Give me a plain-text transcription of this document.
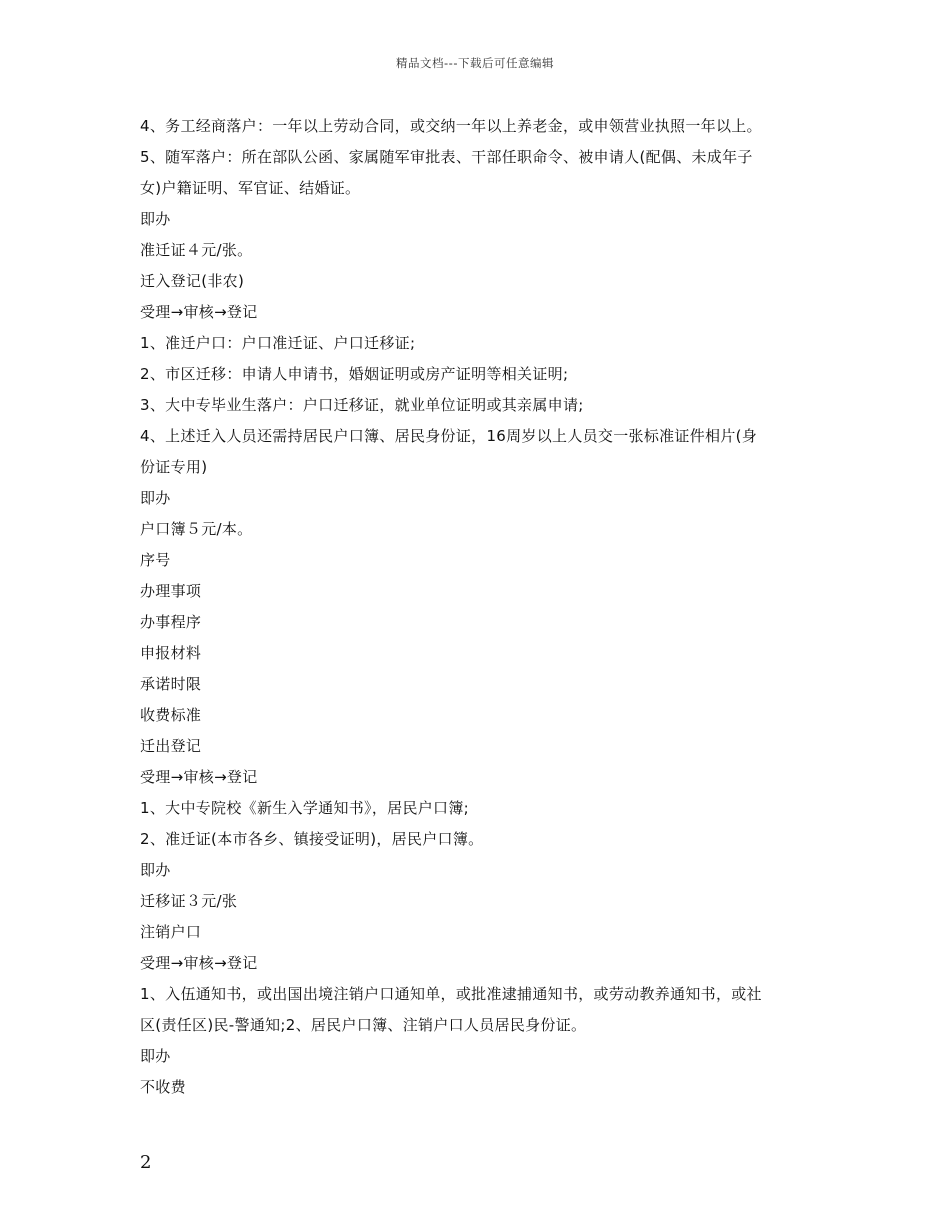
精品文档---下载后可任意编辑
4、务工经商落户：一年以上劳动合同，或交纳一年以上养老金，或申领营业执照一年以上。
5、随军落户：所在部队公函、家属随军审批表、干部任职命令、被申请人(配偶、未成年子
女)户籍证明、军官证、结婚证。
即办
准迁证４元/张。
迁入登记(非农)
受理→审核→登记
1、准迁户口：户口准迁证、户口迁移证;
2、市区迁移：申请人申请书，婚姻证明或房产证明等相关证明;
3、大中专毕业生落户：户口迁移证，就业单位证明或其亲属申请;
4、上述迁入人员还需持居民户口簿、居民身份证，16周岁以上人员交一张标准证件相片(身
份证专用)
即办
户口簿５元/本。
序号
办理事项
办事程序
申报材料
承诺时限
收费标准
迁出登记
受理→审核→登记
1、大中专院校《新生入学通知书》，居民户口簿;
2、准迁证(本市各乡、镇接受证明)，居民户口簿。
即办
迁移证３元/张
注销户口
受理→审核→登记
1、入伍通知书，或出国出境注销户口通知单，或批准逮捕通知书，或劳动教养通知书，或社
区(责任区)民-警通知;2、居民户口簿、注销户口人员居民身份证。
即办
不收费
2
